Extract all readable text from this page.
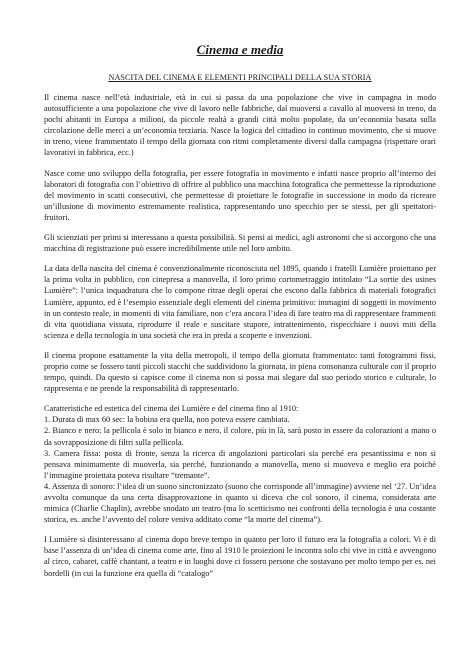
Cinema e media
NASCITA DEL CINEMA E ELEMENTI PRINCIPALI DELLA SUA STORIA

Il cinema nasce nell’età industriale, età in cui si passa da una popolazione che vive in campagna in modo autosufficiente a una popolazione che vive di lavoro nelle fabbriche, dal muoversi a cavallo al muoversi in treno, da pochi abitanti in Europa a milioni, da piccole realtà a grandi città molto popolate, da un’economia basata sulla circolazione delle merci a un’economia terziaria. Nasce la logica del cittadino in continuo movimento, che si muove in treno, viene frammentato il tempo della giornata con ritmi completamente diversi dalla campagna (rispettare orari lavorativi in fabbrica, ecc.)

Nasce come uno sviluppo della fotografia, per essere fotografia in movimento e infatti nasce proprio all’interno dei laboratori di fotografia con l’obiettivo di offrire al pubblico una macchina fotografica che permettesse la riproduzione del movimento in scatti consecutivi, che permettesse di proiettare le fotografie in successione in modo da ricreare un’illusione di movimento estremamente realistica, rappresentando uno specchio per se stessi, per gli spettatori-fruitori.

Gli scienziati per primi si interessano a questa possibilità. Si pensi ai medici, agli astronomi che si accorgono che una macchina di registrazione può essere incredibilmente utile nel loro ambito.

La data della nascita del cinema è convenzionalmente riconosciuta nel 1895, quando i fratelli Lumière proiettano per la prima volta in pubblico, con cinepresa a manovella, il loro primo cortometraggio intitolato “La sortie des usines Lumière”: l’unica inquadratura che lo compone ritrae degli operai che escono dalla fabbrica di materiali fotografici Lumière, appunto, ed è l’esempio essenziale degli elementi del cinema primitivo: immagini di soggetti in movimento in un contesto reale, in momenti di vita familiare, non c’era ancora l’idea di fare teatro ma di rappresentare frammenti di vita quotidiana vissuta, riprodurre il reale e suscitare stupore, intrattenimento, rispecchiare i nuovi miti della scienza e della tecnologia in una società che era in preda a scoperte e invenzioni.

Il cinema propone esattamente la vita della metropoli, il tempo della giornata frammentato: tanti fotogrammi fissi, proprio come se fossero tanti piccoli stacchi che suddividono la giornata, in piena consonanza culturale con il proprio tempo, quindi. Da questo si capisce come il cinema non si possa mai slegare dal suo periodo storico e culturale, lo rappresenta e ne prende la responsabilità di rappresentarlo.

Caratteristiche ed estetica del cinema dei Lumière e del cinema fino al 1910:
1. Durata di max 60 sec: la bobina era quella, non poteva essere cambiata.
2. Bianco e nero: la pellicola è solo in bianco e nero, il colore, più in là, sarà posto in essere da colorazioni a mano o da sovrapposizione di filtri sulla pellicola.
3. Camera fissa: posta di fronte, senza la ricerca di angolazioni particolari sia perché era pesantissima e non si pensava minimamente di muoverla, sia perché, funzionando a manovella, meno si muoveva e meglio era poiché l’immagine proiettata poteva risultare “tremante”.
4. Assenza di sonoro: l’idea di un suono sincronizzato (suono che corrisponde all’immagine) avviene nel ‘27. Un’idea avvolta comunque da una certa disapprovazione in quanto si diceva che col sonoro, il cinema, considerata arte mimica (Charlie Chaplin), avrebbe snodato un teatro (ma lo scetticismo nei confronti della tecnologia è una costante storica, es. anche l’avvento del colore veniva additato come “la morte del cinema”).

I Lumière si disinteressano al cinema dopo breve tempo in quanto per loro il futuro era la fotografia a colori. Vi è di base l’assenza di un’idea di cinema come arte, fino al 1910 le proiezioni le incontra solo chi vive in città e avvengono al circo, cabaret, caffè chantant, a teatro e in luoghi dove ci fossero persone che sostavano per molto tempo per es. nei bordelli (in cui la funzione era quella di “catalogo”
